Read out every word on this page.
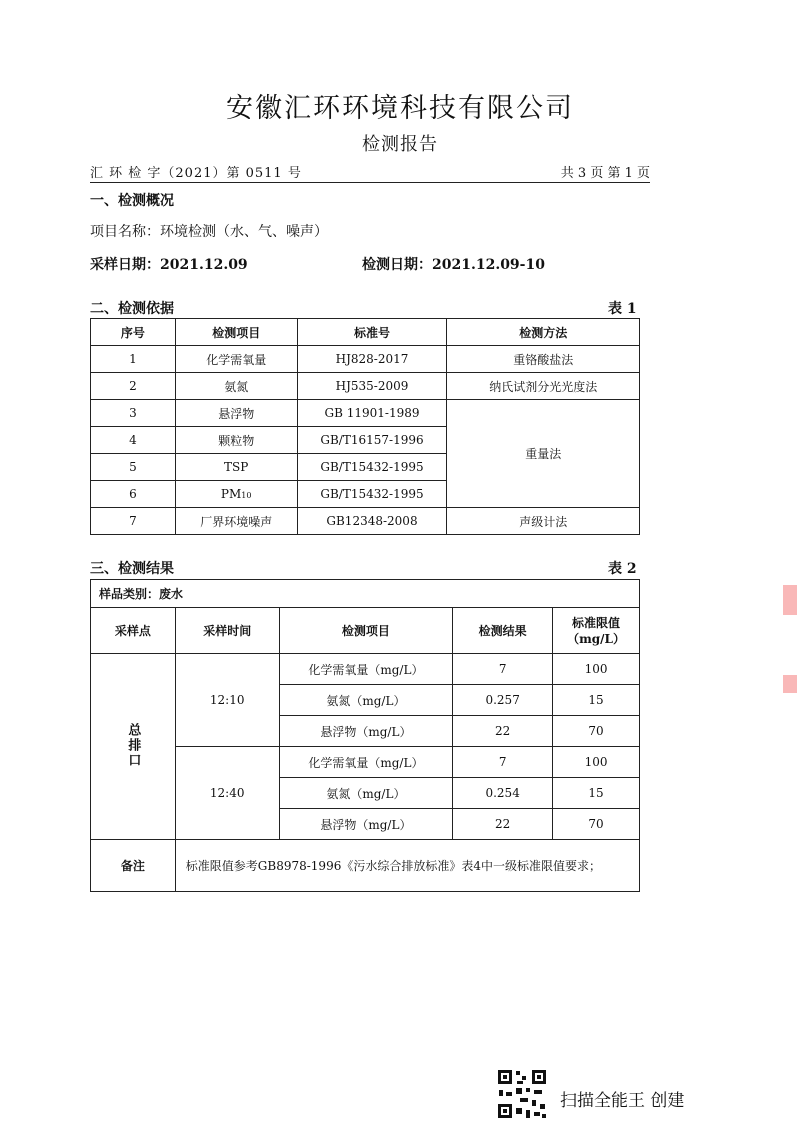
安徽汇环环境科技有限公司
检测报告
汇 环 检 字（2021）第 0511 号	共 3 页 第 1 页
一、检测概况
项目名称：环境检测（水、气、噪声）
采样日期：2021.12.09	检测日期：2021.12.09-10
二、检测依据	表 1
序号	检测项目	标准号	检测方法
1	化学需氧量	HJ828-2017	重铬酸盐法
2	氨氮	HJ535-2009	纳氏试剂分光光度法
3	悬浮物	GB 11901-1989	重量法
4	颗粒物	GB/T16157-1996	
5	TSP	GB/T15432-1995	
6	PM10	GB/T15432-1995	
7	厂界环境噪声	GB12348-2008	声级计法
三、检测结果	表 2
样品类别：废水				
采样点	采样时间	检测项目	检测结果	标准限值
（mg/L）
总排口	12:10	化学需氧量（mg/L）	7	100
		氨氮（mg/L）	0.257	15
		悬浮物（mg/L）	22	70
	12:40	化学需氧量（mg/L）	7	100
		氨氮（mg/L）	0.254	15
		悬浮物（mg/L）	22	70
备注	标准限值参考GB8978-1996《污水综合排放标准》表4中一级标准限值要求；			
扫描全能王 创建
